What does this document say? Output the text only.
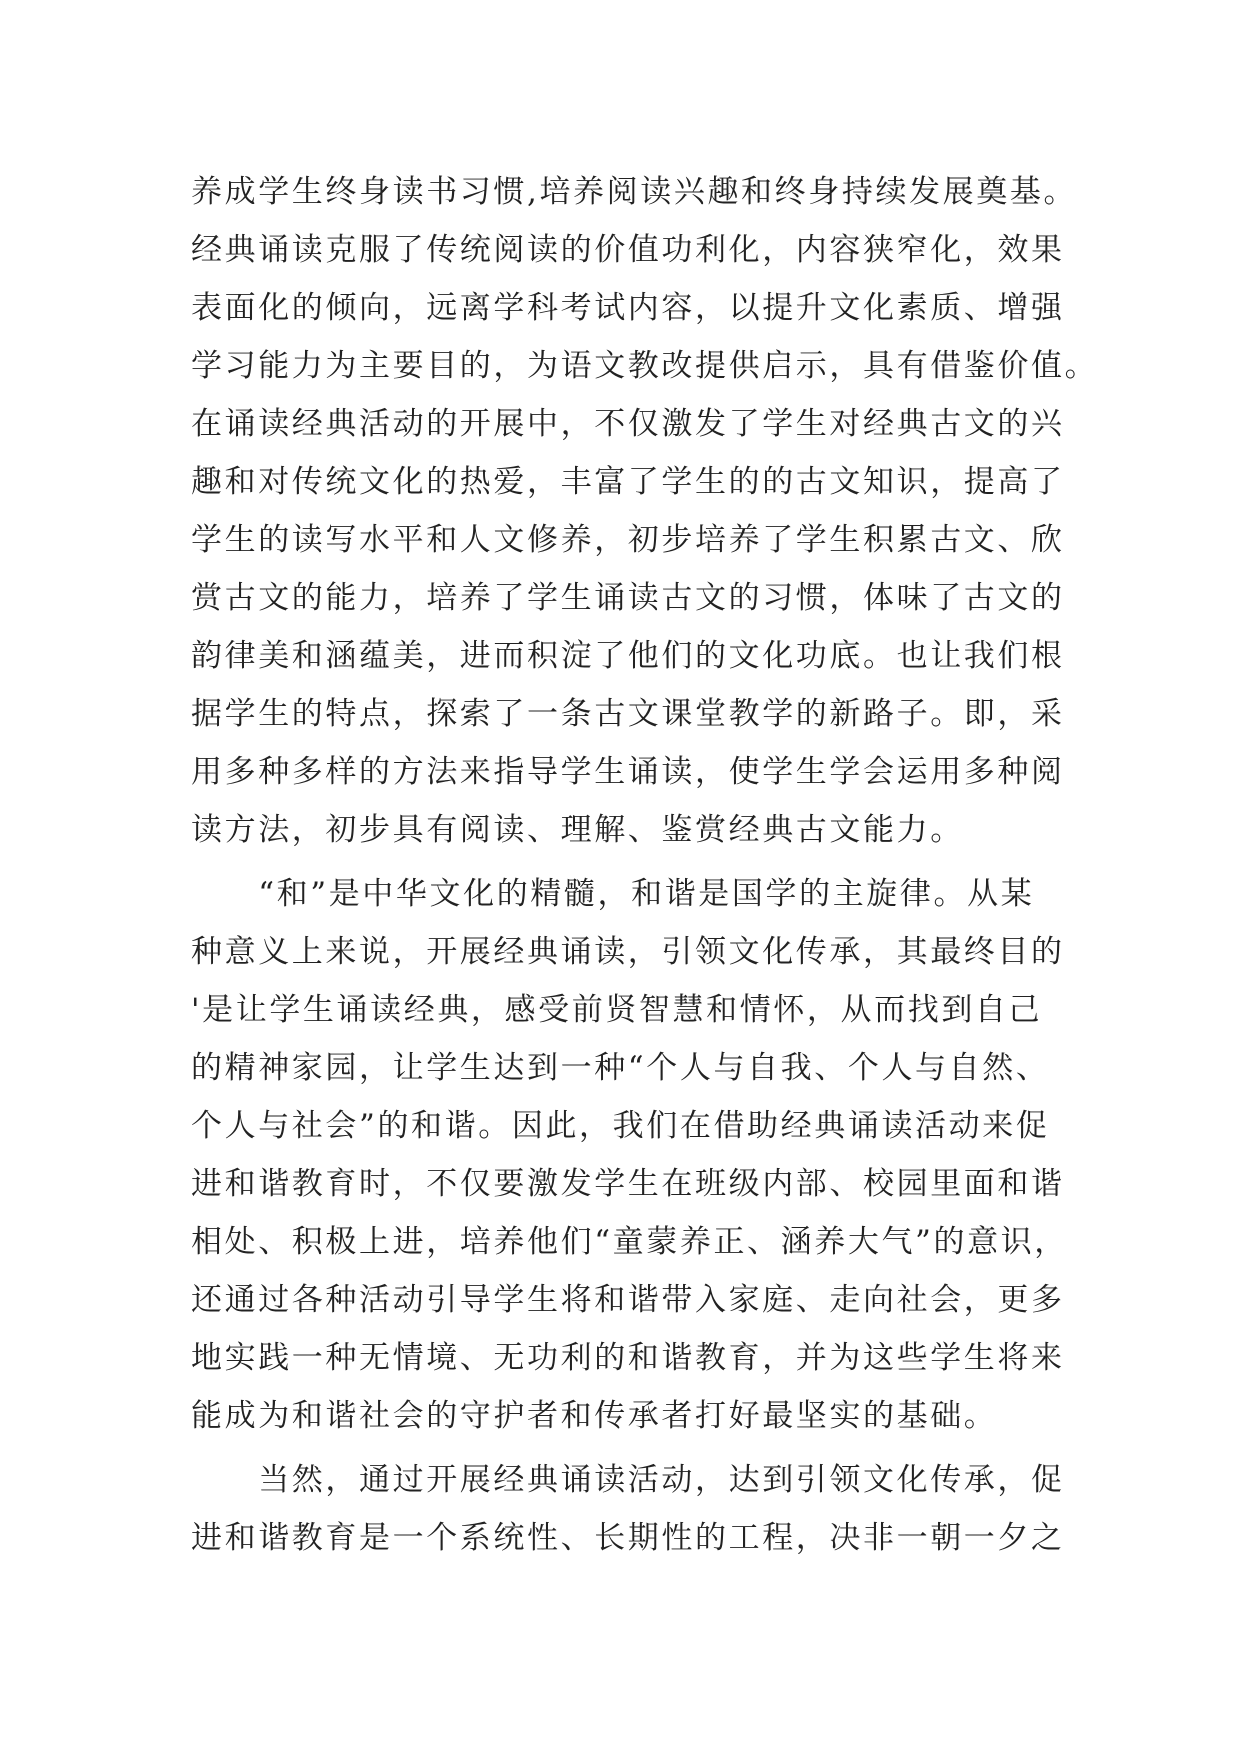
养成学生终身读书习惯,培养阅读兴趣和终身持续发展奠基。
经典诵读克服了传统阅读的价值功利化，内容狭窄化，效果
表面化的倾向，远离学科考试内容，以提升文化素质、增强
学习能力为主要目的，为语文教改提供启示，具有借鉴价值。
在诵读经典活动的开展中，不仅激发了学生对经典古文的兴
趣和对传统文化的热爱，丰富了学生的的古文知识，提高了
学生的读写水平和人文修养，初步培养了学生积累古文、欣
赏古文的能力，培养了学生诵读古文的习惯，体味了古文的
韵律美和涵蕴美，进而积淀了他们的文化功底。也让我们根
据学生的特点，探索了一条古文课堂教学的新路子。即，采
用多种多样的方法来指导学生诵读，使学生学会运用多种阅
读方法，初步具有阅读、理解、鉴赏经典古文能力。
　　“和”是中华文化的精髓，和谐是国学的主旋律。从某
种意义上来说，开展经典诵读，引领文化传承，其最终目的
'是让学生诵读经典，感受前贤智慧和情怀，从而找到自己
的精神家园，让学生达到一种“个人与自我、个人与自然、
个人与社会”的和谐。因此，我们在借助经典诵读活动来促
进和谐教育时，不仅要激发学生在班级内部、校园里面和谐
相处、积极上进，培养他们“童蒙养正、涵养大气”的意识，
还通过各种活动引导学生将和谐带入家庭、走向社会，更多
地实践一种无情境、无功利的和谐教育，并为这些学生将来
能成为和谐社会的守护者和传承者打好最坚实的基础。
　　当然，通过开展经典诵读活动，达到引领文化传承，促
进和谐教育是一个系统性、长期性的工程，决非一朝一夕之
